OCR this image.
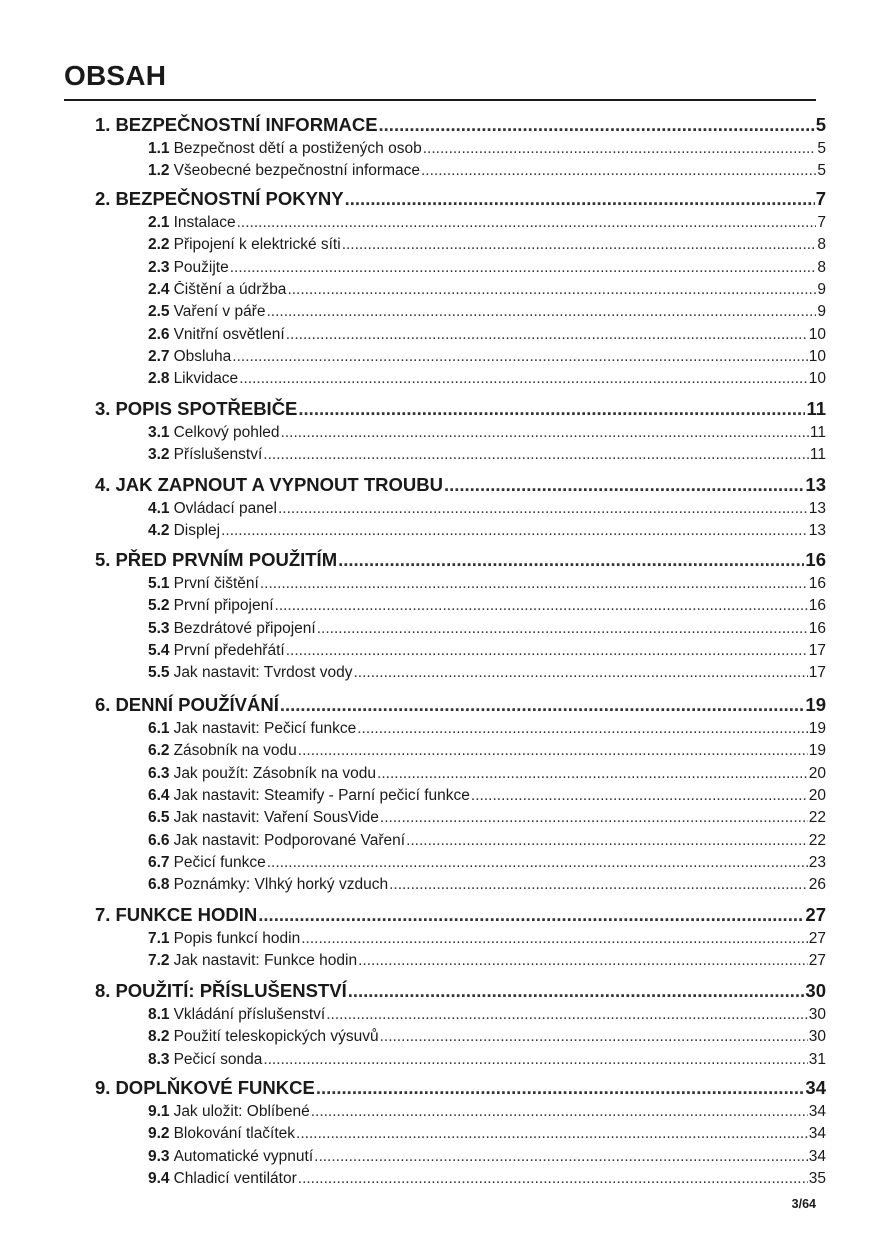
OBSAH
1. BEZPEČNOSTNÍ INFORMACE .....	5
1.1 Bezpečnost dětí a postižených osob .....	5
1.2 Všeobecné bezpečnostní informace .....	5
2. BEZPEČNOSTNÍ POKYNY .....	7
2.1 Instalace .....	7
2.2 Připojení k elektrické síti .....	8
2.3 Použijte .....	8
2.4 Čištění a údržba .....	9
2.5 Vaření v páře .....	9
2.6 Vnitřní osvětlení .....	10
2.7 Obsluha .....	10
2.8 Likvidace .....	10
3. POPIS SPOTŘEBIČE .....	11
3.1 Celkový pohled .....	11
3.2 Příslušenství .....	11
4. JAK ZAPNOUT A VYPNOUT TROUBU .....	13
4.1 Ovládací panel .....	13
4.2 Displej .....	13
5. PŘED PRVNÍM POUŽITÍM .....	16
5.1 První čištění .....	16
5.2 První připojení .....	16
5.3 Bezdrátové připojení .....	16
5.4 První předehřátí .....	17
5.5 Jak nastavit: Tvrdost vody .....	17
6. DENNÍ POUŽÍVÁNÍ .....	19
6.1 Jak nastavit: Pečicí funkce .....	19
6.2 Zásobník na vodu .....	19
6.3 Jak použít: Zásobník na vodu .....	20
6.4 Jak nastavit: Steamify - Parní pečicí funkce .....	20
6.5 Jak nastavit: Vaření SousVide .....	22
6.6 Jak nastavit: Podporované Vaření .....	22
6.7 Pečicí funkce .....	23
6.8 Poznámky: Vlhký horký vzduch .....	26
7. FUNKCE HODIN .....	27
7.1 Popis funkcí hodin .....	27
7.2 Jak nastavit: Funkce hodin .....	27
8. POUŽITÍ: PŘÍSLUŠENSTVÍ .....	30
8.1 Vkládání příslušenství .....	30
8.2 Použití teleskopických výsuvů .....	30
8.3 Pečicí sonda .....	31
9. DOPLŇKOVÉ FUNKCE .....	34
9.1 Jak uložit: Oblíbené .....	34
9.2 Blokování tlačítek .....	34
9.3 Automatické vypnutí .....	34
9.4 Chladicí ventilátor .....	35
3/64
